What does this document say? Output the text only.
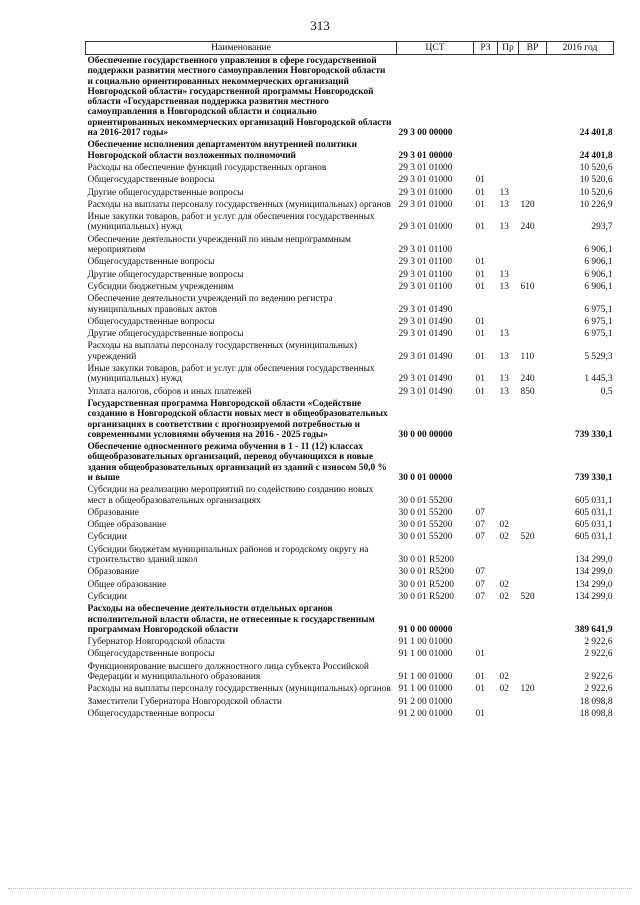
313
Наименование	ЦСТ	РЗ	Пр	ВР	2016 год
Обеспечение государственного управления в сфере государственной поддержки развития местного самоуправления Новгородской области и социально ориентированных некоммерческих организаций Новгородской области» государственной программы Новгородской области «Государственная поддержка развития местного самоуправления в Новгородской области и социально ориентированных некоммерческих организаций Новгородской области на 2016-2017 годы»	29 3 00 00000				24 401,8
Обеспечение исполнения департаментом внутренней политики Новгородской области возложенных полномочий	29 3 01 00000				24 401,8
Расходы на обеспечение функций государственных органов	29 3 01 01000				10 520,6
Общегосударственные вопросы	29 3 01 01000	01			10 520,6
Другие общегосударственные вопросы	29 3 01 01000	01	13		10 520,6
Расходы на выплаты персоналу государственных (муниципальных) органов	29 3 01 01000	01	13	120	10 226,9
Иные закупки товаров, работ и услуг для обеспечения государственных (муниципальных) нужд	29 3 01 01000	01	13	240	293,7
Обеспечение деятельности учреждений по иным непрограммным мероприятиям	29 3 01 01100				6 906,1
Общегосударственные вопросы	29 3 01 01100	01			6 906,1
Другие общегосударственные вопросы	29 3 01 01100	01	13		6 906,1
Субсидии бюджетным учреждениям	29 3 01 01100	01	13	610	6 906,1
Обеспечение деятельности учреждений по ведению регистра муниципальных правовых актов	29 3 01 01490				6 975,1
Общегосударственные вопросы	29 3 01 01490	01			6 975,1
Другие общегосударственные вопросы	29 3 01 01490	01	13		6 975,1
Расходы на выплаты персоналу государственных (муниципальных) учреждений	29 3 01 01490	01	13	110	5 529,3
Иные закупки товаров, работ и услуг для обеспечения государственных (муниципальных) нужд	29 3 01 01490	01	13	240	1 445,3
Уплата налогов, сборов и иных платежей	29 3 01 01490	01	13	850	0,5
Государственная программа Новгородской области «Содействие созданию в Новгородской области новых мест в общеобразовательных организациях в соответствии с прогнозируемой потребностью и современными условиями обучения на 2016 - 2025 годы»	30 0 00 00000				739 330,1
Обеспечение односменного режима обучения в 1 - 11 (12) классах общеобразовательных организаций, перевод обучающихся в новые здания общеобразовательных организаций из зданий с износом 50,0 % и выше	30 0 01 00000				739 330,1
Субсидии на реализацию мероприятий по содействию созданию новых мест в общеобразовательных организациях	30 0 01 55200				605 031,1
Образование	30 0 01 55200	07			605 031,1
Общее образование	30 0 01 55200	07	02		605 031,1
Субсидии	30 0 01 55200	07	02	520	605 031,1
Субсидии бюджетам муниципальных районов и городскому округу на строительство зданий школ	30 0 01 R5200				134 299,0
Образование	30 0 01 R5200	07			134 299,0
Общее образование	30 0 01 R5200	07	02		134 299,0
Субсидии	30 0 01 R5200	07	02	520	134 299,0
Расходы на обеспечение деятельности отдельных органов исполнительной власти области, не отнесенные к государственным программам Новгородской области	91 0 00 00000				389 641,9
Губернатор Новгородской области	91 1 00 01000				2 922,6
Общегосударственные вопросы	91 1 00 01000	01			2 922,6
Функционирование высшего должностного лица субъекта Российской Федерации и муниципального образования	91 1 00 01000	01	02		2 922,6
Расходы на выплаты персоналу государственных (муниципальных) органов	91 1 00 01000	01	02	120	2 922,6
Заместители Губернатора Новгородской области	91 2 00 01000				18 098,8
Общегосударственные вопросы	91 2 00 01000	01			18 098,8
